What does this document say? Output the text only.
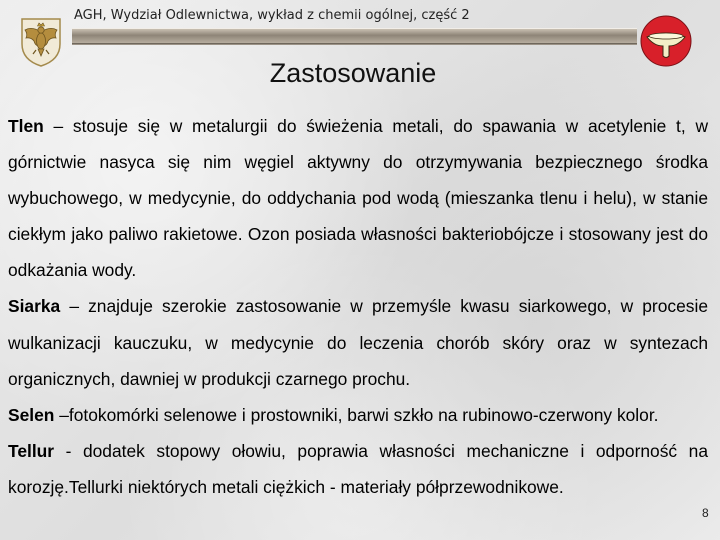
AGH, Wydział Odlewnictwa, wykład z chemii ogólnej, część 2
Zastosowanie

Tlen – stosuje się w metalurgii do świeżenia metali, do spawania w acetylenie t, w górnictwie nasyca się nim węgiel aktywny do otrzymywania bezpiecznego środka wybuchowego, w medycynie, do oddychania pod wodą (mieszanka tlenu i helu), w stanie ciekłym jako paliwo rakietowe. Ozon posiada własności bakteriobójcze i stosowany jest do odkażania wody.

Siarka – znajduje szerokie zastosowanie w przemyśle kwasu siarkowego, w procesie wulkanizacji kauczuku, w medycynie do leczenia chorób skóry oraz w syntezach organicznych, dawniej w produkcji czarnego prochu.

Selen –fotokomórki selenowe i prostowniki, barwi szkło na rubinowo-czerwony kolor.

Tellur - dodatek stopowy ołowiu, poprawia własności mechaniczne i odporność na korozję.Tellurki niektórych metali ciężkich - materiały półprzewodnikowe.

8
